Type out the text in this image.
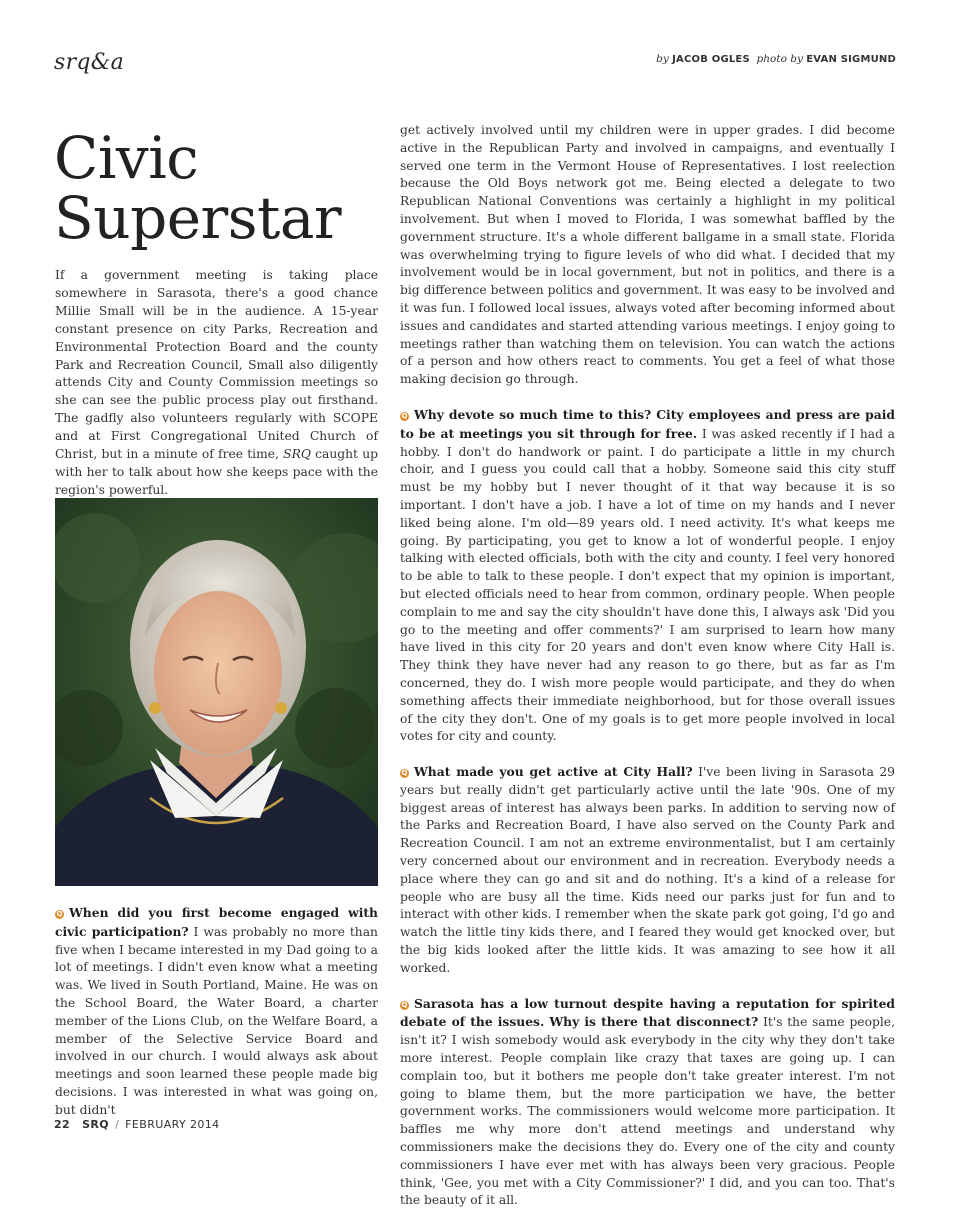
srq&a	by JACOB OGLES photo by EVAN SIGMUND
Civic Superstar

If a government meeting is taking place somewhere in Sarasota, there's a good chance Millie Small will be in the audience. A 15-year constant presence on city Parks, Recreation and Environmental Protection Board and the county Park and Recreation Council, Small also diligently attends City and County Commission meetings so she can see the public process play out firsthand. The gadfly also volunteers regularly with SCOPE and at First Congregational United Church of Christ, but in a minute of free time, SRQ caught up with her to talk about how she keeps pace with the region's powerful.

Q When did you first become engaged with civic participation? I was probably no more than five when I became interested in my Dad going to a lot of meetings. I didn't even know what a meeting was. We lived in South Portland, Maine. He was on the School Board, the Water Board, a charter member of the Lions Club, on the Welfare Board, a member of the Selective Service Board and involved in our church. I would always ask about meetings and soon learned these people made big decisions. I was interested in what was going on, but didn't

get actively involved until my children were in upper grades. I did become active in the Republican Party and involved in campaigns, and eventually I served one term in the Vermont House of Representatives. I lost reelection because the Old Boys network got me. Being elected a delegate to two Republican National Conventions was certainly a highlight in my political involvement. But when I moved to Florida, I was somewhat baffled by the government structure. It's a whole different ballgame in a small state. Florida was overwhelming trying to figure levels of who did what. I decided that my involvement would be in local government, but not in politics, and there is a big difference between politics and government. It was easy to be involved and it was fun. I followed local issues, always voted after becoming informed about issues and candidates and started attending various meetings. I enjoy going to meetings rather than watching them on television. You can watch the actions of a person and how others react to comments. You get a feel of what those making decision go through.

Q Why devote so much time to this? City employees and press are paid to be at meetings you sit through for free. I was asked recently if I had a hobby. I don't do handwork or paint. I do participate a little in my church choir, and I guess you could call that a hobby. Someone said this city stuff must be my hobby but I never thought of it that way because it is so important. I don't have a job. I have a lot of time on my hands and I never liked being alone. I'm old—89 years old. I need activity. It's what keeps me going. By participating, you get to know a lot of wonderful people. I enjoy talking with elected officials, both with the city and county. I feel very honored to be able to talk to these people. I don't expect that my opinion is important, but elected officials need to hear from common, ordinary people. When people complain to me and say the city shouldn't have done this, I always ask 'Did you go to the meeting and offer comments?' I am surprised to learn how many have lived in this city for 20 years and don't even know where City Hall is. They think they have never had any reason to go there, but as far as I'm concerned, they do. I wish more people would participate, and they do when something affects their immediate neighborhood, but for those overall issues of the city they don't. One of my goals is to get more people involved in local votes for city and county.

Q What made you get active at City Hall? I've been living in Sarasota 29 years but really didn't get particularly active until the late '90s. One of my biggest areas of interest has always been parks. In addition to serving now of the Parks and Recreation Board, I have also served on the County Park and Recreation Council. I am not an extreme environmentalist, but I am certainly very concerned about our environment and in recreation. Everybody needs a place where they can go and sit and do nothing. It's a kind of a release for people who are busy all the time. Kids need our parks just for fun and to interact with other kids. I remember when the skate park got going, I'd go and watch the little tiny kids there, and I feared they would get knocked over, but the big kids looked after the little kids. It was amazing to see how it all worked.

Q Sarasota has a low turnout despite having a reputation for spirited debate of the issues. Why is there that disconnect? It's the same people, isn't it? I wish somebody would ask everybody in the city why they don't take more interest. People complain like crazy that taxes are going up. I can complain too, but it bothers me people don't take greater interest. I'm not going to blame them, but the more participation we have, the better government works. The commissioners would welcome more participation. It baffles me why more don't attend meetings and understand why commissioners make the decisions they do. Every one of the city and county commissioners I have ever met with has always been very gracious. People think, 'Gee, you met with a City Commissioner?' I did, and you can too. That's the beauty of it all.

22 SRQ / FEBRUARY 2014
